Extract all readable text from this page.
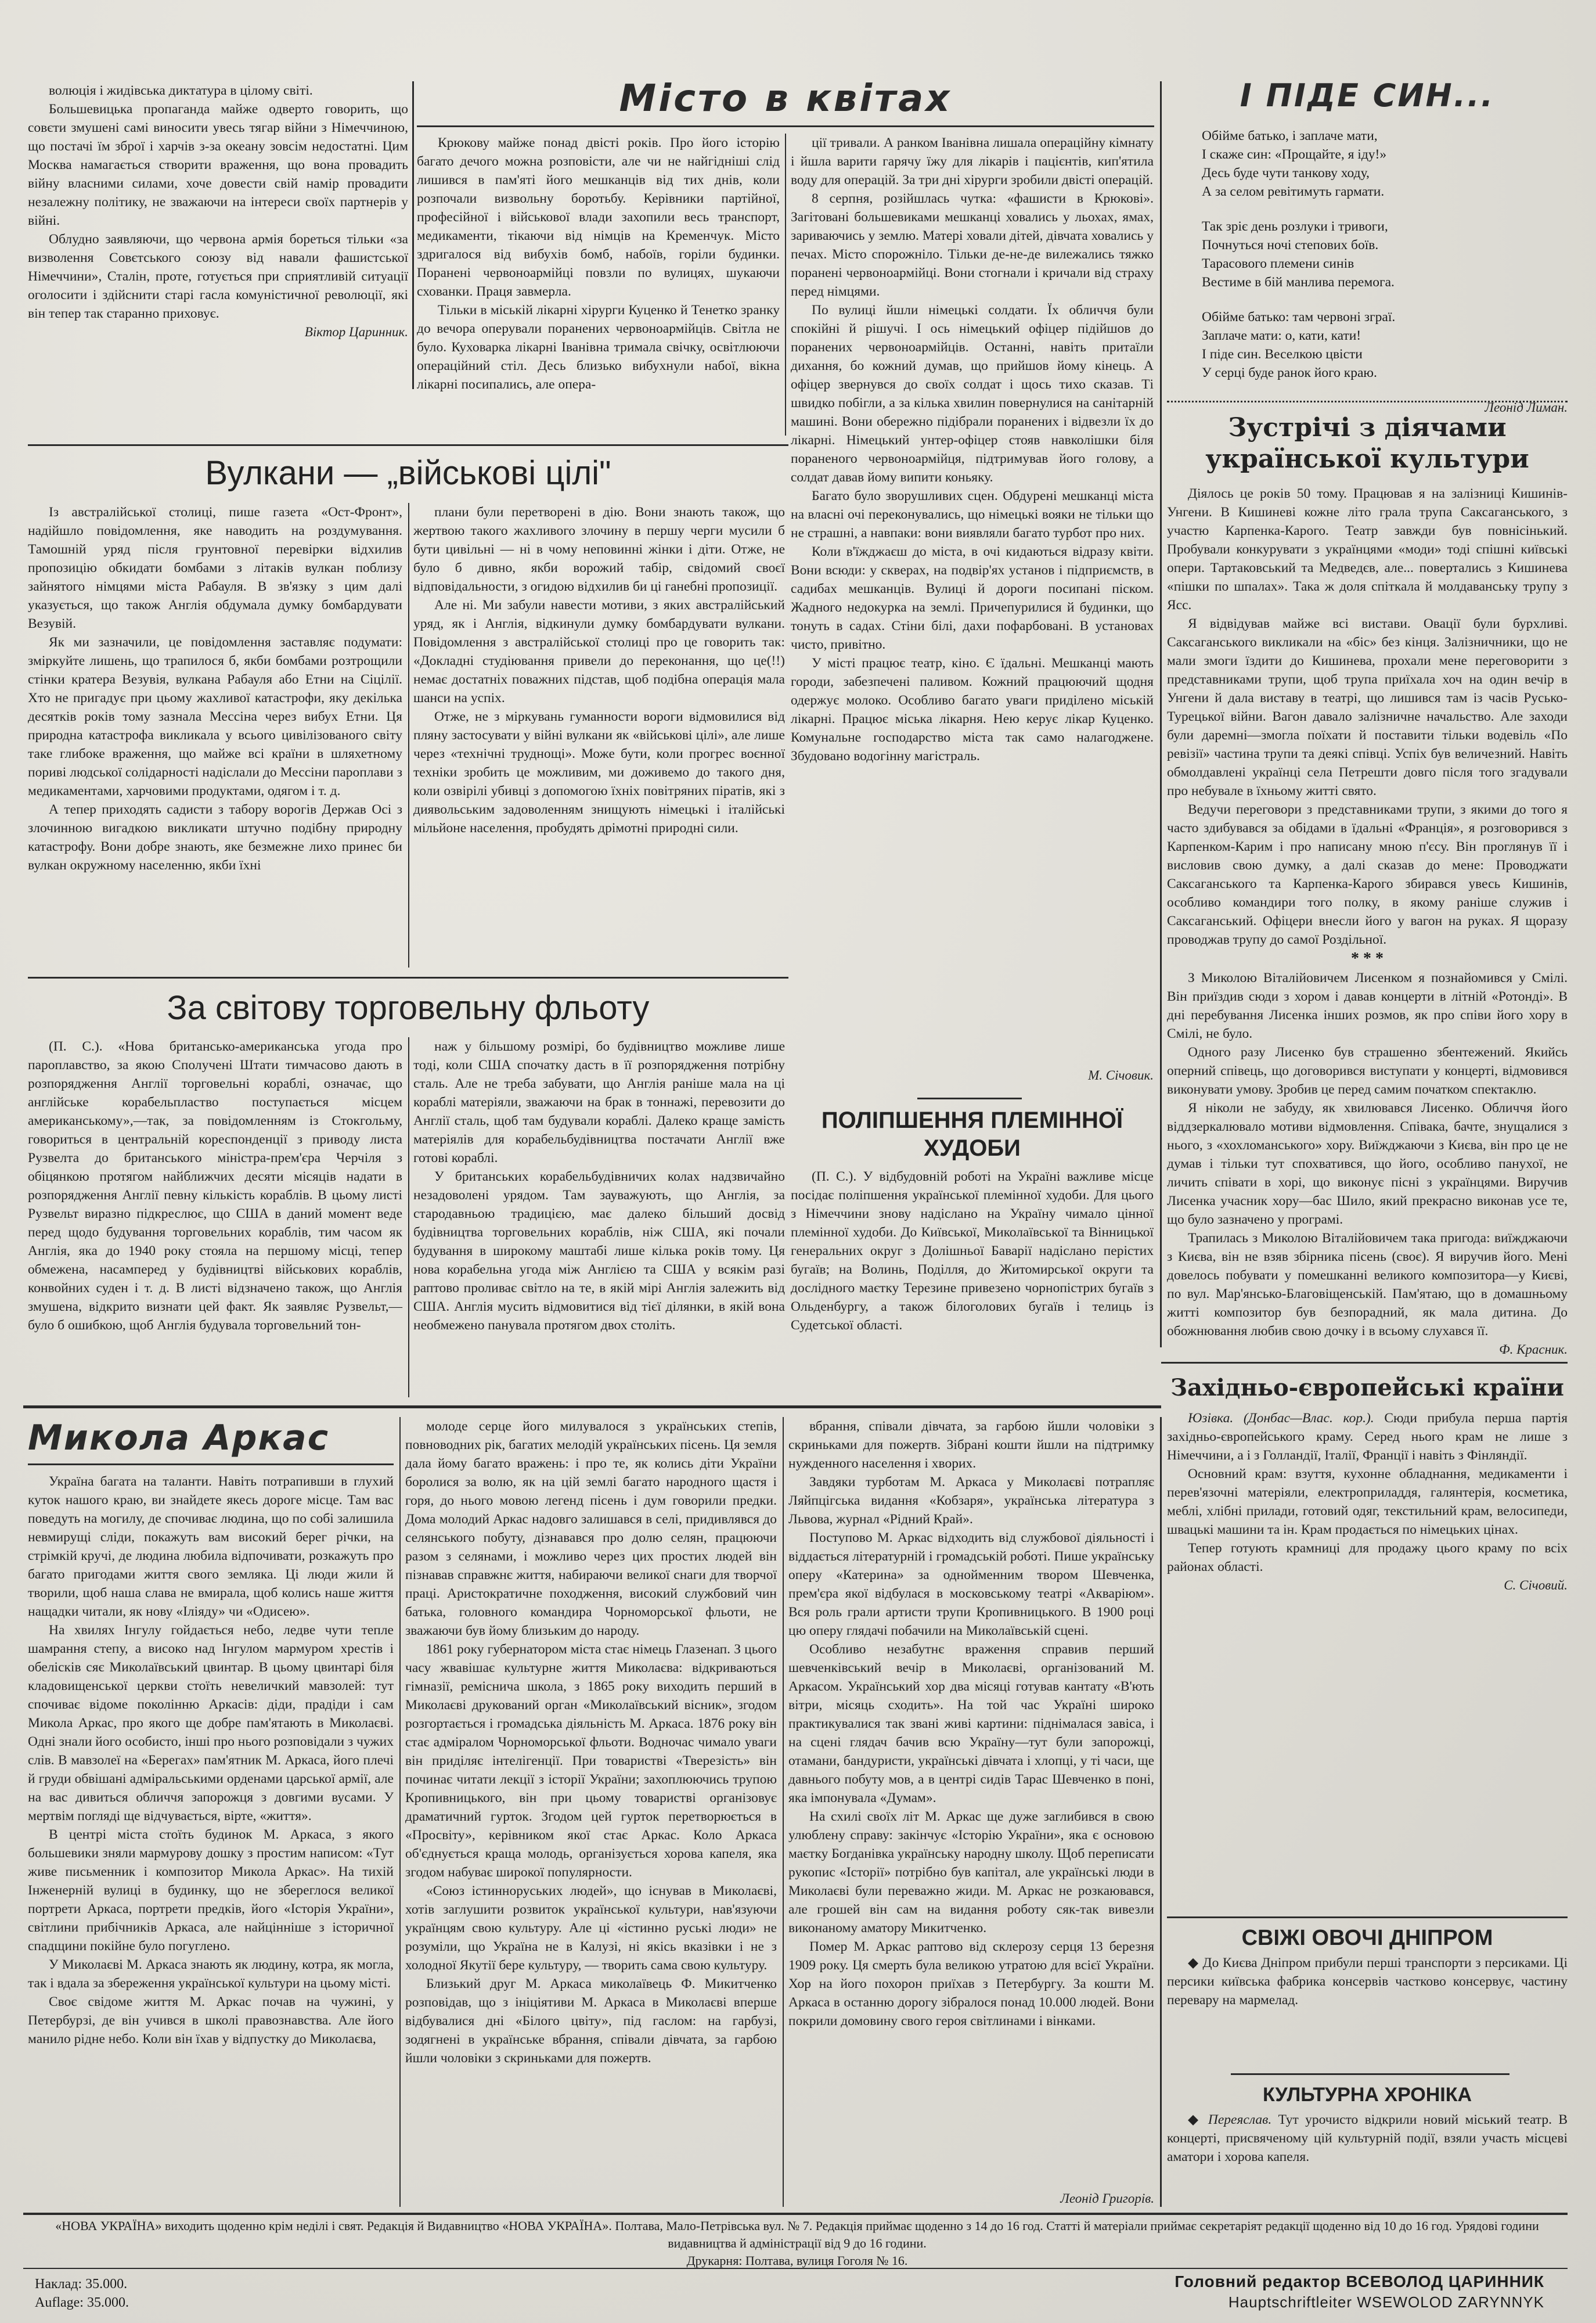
волюція і жидівська диктатура в цілому світі.

Большевицька пропаганда майже одверто говорить, що совєти змушені самі виносити увесь тягар війни з Німеччиною, що постачі їм зброї і харчів з-за океану зовсім недостатні. Цим Москва намагається створити враження, що вона провадить війну власними силами, хоче довести свій намір провадити незалежну політику, не зважаючи на інтереси своїх партнерів у війні.

Облудно заявляючи, що червона армія бореться тільки «за визволення Совєтського союзу від навали фашистської Німеччини», Сталін, проте, готується при сприятливій ситуації оголосити і здійснити старі гасла комуністичної революції, які він тепер так старанно приховує.

Віктор Царинник.
Місто в квітах

Крюкову майже понад двісті років. Про його історію багато дечого можна розповісти, але чи не найгідніші слід лишився в пам'яті його мешканців від тих днів, коли розпочали визвольну боротьбу. Керівники партійної, професійної і військової влади захопили весь транспорт, медикаменти, тікаючи від німців на Кременчук. Місто здригалося від вибухів бомб, набоїв, горіли будинки. Поранені червоноармійці повзли по вулицях, шукаючи схованки. Праця завмерла.

Тільки в міській лікарні хірурги Куценко й Тенетко зранку до вечора оперували поранених червоноармійців. Світла не було. Куховарка лікарні Іванівна тримала свічку, освітлюючи операційний стіл. Десь близько вибухнули набої, вікна лікарні посипались, але опера-

ції тривали. А ранком Іванівна лишала операційну кімнату і йшла варити гарячу їжу для лікарів і пацієнтів, кип'ятила воду для операцій. За три дні хірурги зробили двісті операцій.

8 серпня, розійшлась чутка: «фашисти в Крюкові». Загітовані большевиками мешканці ховались у льохах, ямах, зариваючись у землю. Матері ховали дітей, дівчата ховались у печах. Місто спорожніло. Тільки де-не-де вилежались тяжко поранені червоноармійці. Вони стогнали і кричали від страху перед німцями.

По вулиці йшли німецькі солдати. Їх обличчя були спокійні й рішучі. І ось німецький офіцер підійшов до поранених червоноармійців. Останні, навіть притаїли дихання, бо кожний думав, що прийшов йому кінець. А офіцер звернувся до своїх солдат і щось тихо сказав. Ті швидко побігли, а за кілька хвилин повернулися на санітарній машині. Вони обережно підібрали поранених і відвезли їх до лікарні. Німецький унтер-офіцер стояв навколішки біля пораненого червоноармійця, підтримував його голову, а солдат давав йому випити коньяку.

Багато було зворушливих сцен. Обдурені мешканці міста на власні очі переконувались, що німецькі вояки не тільки що не страшні, а навпаки: вони виявляли багато турбот про них.

Коли в'їжджаєш до міста, в очі кидаються відразу квіти. Вони всюди: у скверах, на подвір'ях установ і підприємств, в садибах мешканців. Вулиці й дороги посипані піском. Жадного недокурка на землі. Причепурилися й будинки, що тонуть в садах. Стіни білі, дахи пофарбовані. В установах чисто, привітно.

У місті працює театр, кіно. Є їдальні. Мешканці мають городи, забезпечені паливом. Кожний працюючий щодня одержує молоко. Особливо багато уваги приділено міській лікарні. Працює міська лікарня. Нею керує лікар Куценко. Комунальне господарство міста так само налагоджене. Збудовано водогінну магістраль.

М. Січовик.
Вулкани — „військові цілі"

Із австралійської столиці, пише газета «Ост-Фронт», надійшло повідомлення, яке наводить на роздумування. Тамошній уряд після грунтовної перевірки відхилив пропозицію обкидати бомбами з літаків вулкан поблизу зайнятого німцями міста Рабауля. В зв'язку з цим далі указується, що також Англія обдумала думку бомбардувати Везувій.

Як ми зазначили, це повідомлення заставляє подумати: зміркуйте лишень, що трапилося б, якби бомбами розтрощили стінки кратера Везувія, вулкана Рабауля або Етни на Сіцілії. Хто не пригадує при цьому жахливої катастрофи, яку декілька десятків років тому зазнала Мессіна через вибух Етни. Ця природна катастрофа викликала у всього цивілізованого світу таке глибоке враження, що майже всі країни в шляхетному пориві людської солідарності надіслали до Мессіни пароплави з медикаментами, харчовими продуктами, одягом і т. д.

А тепер приходять садисти з табору ворогів Держав Осі з злочинною вигадкою викликати штучно подібну природну катастрофу. Вони добре знають, яке безмежне лихо принес би вулкан окружному населенню, якби їхні

плани були перетворені в дію. Вони знають також, що жертвою такого жахливого злочину в першу черги мусили б бути цивільні — ні в чому неповинні жінки і діти. Отже, не було б дивно, якби ворожий табір, свідомий своєї відповідальности, з огидою відхилив би ці ганебні пропозиції.

Але ні. Ми забули навести мотиви, з яких австралійський уряд, як і Англія, відкинули думку бомбардувати вулкани. Повідомлення з австралійської столиці про це говорить так: «Докладні студіювання привели до переконання, що це(!!) немає достатніх поважних підстав, щоб подібна операція мала шанси на успіх.

Отже, не з міркувань гуманности вороги відмовилися від пляну застосувати у війні вулкани як «військові цілі», але лише через «технічні труднощі». Може бути, коли прогрес воєнної техніки зробить це можливим, ми доживемо до такого дня, коли озвірілі убивці з допомогою їхніх повітряних піратів, які з диявольським задоволенням знищують німецькі і італійські мільйоне населення, пробудять дрімотні природні сили.

За світову торговельну фльоту

(П. С.). «Нова британсько-американська угода про пароплавство, за якою Сполучені Штати тимчасово дають в розпорядження Англії торговельні кораблі, означає, що англійське корабельпластво поступається місцем американському»,—так, за повідомленням із Стокгольму, говориться в центральній кореспонденції з приводу листа Рузвелта до британського міністра-прем'єра Черчіля з обіцянкою протягом найближчих десяти місяців надати в розпорядження Англії певну кількість кораблів. В цьому листі Рузвельт виразно підкреслює, що США в даний момент веде перед щодо будування торговельних кораблів, тим часом як Англія, яка до 1940 року стояла на першому місці, тепер обмежена, насамперед у будівництві військових кораблів, конвойних суден і т. д. В листі відзначено також, що Англія змушена, відкрито визнати цей факт. Як заявляє Рузвельт,—було б ошибкою, щоб Англія будувала торговельний тон-

наж у більшому розмірі, бо будівництво можливе лише тоді, коли США спочатку дасть в її розпорядження потрібну сталь. Але не треба забувати, що Англія раніше мала на ці кораблі матеріяли, зважаючи на брак в тоннажі, перевозити до Англії сталь, щоб там будували кораблі. Далеко краще замість матеріялів для корабельбудівництва постачати Англії вже готові кораблі.

У британських корабельбудівничих колах надзвичайно незадоволені урядом. Там зауважують, що Англія, за стародавньою традицією, має далеко більший досвід будівництва торговельних кораблів, ніж США, які почали будування в широкому маштабі лише кілька років тому. Ця нова корабельна угода між Англією та США у всякім разі раптово проливає світло на те, в якій мірі Англія залежить від США. Англія мусить відмовитися від тієї ділянки, в якій вона необмежено панувала протягом двох століть.

ПОЛІПШЕННЯ ПЛЕМІННОЇ
ХУДОБИ

(П. С.). У відбудовній роботі на Україні важливе місце посідає поліпшення української племінної худоби. Для цього з Німеччини знову надіслано на Україну чимало цінної племінної худоби. До Київської, Миколаївської та Вінницької генеральних округ з Долішньої Баварії надіслано перістих бугаїв; на Волинь, Поділля, до Житомирської округи та дослідного маєтку Терезине привезено чорнопістрих бугаїв з Ольденбургу, а також білоголових бугаїв і телиць із Судетської області.

І ПІДЕ СИН...

Обійме батько, і заплаче мати,

І скаже син: «Прощайте, я іду!»

Десь буде чути танкову ходу,

А за селом ревітимуть гармати.

Так зріє день розлуки і тривоги,

Почнуться ночі степових боїв.

Тарасового племени синів

Вестиме в бій манлива перемога.

Обійме батько: там червоні зграї.

Заплаче мати: о, кати, кати!

І піде син. Веселкою цвісти

У серці буде ранок його краю.

Леонід Лиман.
Зустрічі з діячами
української культури

Діялось це років 50 тому. Працював я на залізниці Кишинів-Унгени. В Кишиневі кожне літо грала трупа Саксаганського, з участю Карпенка-Карого. Театр завжди був повнісінький. Пробували конкурувати з українцями «моди» тоді спішні київські опери. Тартаковський та Медведєв, але... повертались з Кишинева «пішки по шпалах». Така ж доля спіткала й молдаванську трупу з Ясс.

Я відвідував майже всі вистави. Овації були бурхливі. Саксаганського викликали на «біс» без кінця. Залізничники, що не мали змоги їздити до Кишинева, прохали мене переговорити з представниками трупи, щоб трупа приїхала хоч на один вечір в Унгени й дала виставу в театрі, що лишився там із часів Русько-Турецької війни. Вагон давало залізничне начальство. Але заходи були даремні—змогла поїхати й поставити тільки водевіль «По ревізії» частина трупи та деякі співці. Успіх був величезний. Навіть обмолдавлені українці села Петрешти довго після того згадували про небувале в їхньому житті свято.

Ведучи переговори з представниками трупи, з якими до того я часто здибувався за обідами в їдальні «Франція», я розговорився з Карпенком-Карим і про написану мною п'єсу. Він проглянув її і висловив свою думку, а далі сказав до мене: Проводжати Саксаганського та Карпенка-Карого збирався увесь Кишинів, особливо командири того полку, в якому раніше служив і Саксаганський. Офіцери внесли його у вагон на руках. Я щоразу проводжав трупу до самої Роздільної.

* * *

З Миколою Віталійовичем Лисенком я познайомився у Смілі. Він приїздив сюди з хором і давав концерти в літній «Ротонді». В дні перебування Лисенка інших розмов, як про співи його хору в Смілі, не було.

Одного разу Лисенко був страшенно збентежений. Якийсь оперний співець, що договорився виступати у концерті, відмовився виконувати умову. Зробив це перед самим початком спектаклю.

Я ніколи не забуду, як хвилювався Лисенко. Обличчя його віддзеркалювало мотиви відмовлення. Співака, бачте, знущалися з нього, з «хохломанського» хору. Виїжджаючи з Києва, він про це не думав і тільки тут спохватився, що його, особливо панухої, не личить співати в хорі, що виконує пісні з українцями. Виручив Лисенка учасник хору—бас Шило, який прекрасно виконав усе те, що було зазначено у програмі.

Трапилась з Миколою Віталійовичем така пригода: виїжджаючи з Києва, він не взяв збірника пісень (своє). Я виручив його. Мені довелось побувати у помешканні великого композитора—у Києві, по вул. Мар'янсько-Благовіщенській. Пам'ятаю, що в домашньому житті композитор був безпорадний, як мала дитина. До обожнювання любив свою дочку і в всьому слухався її.

Ф. Красник.
Микола Аркас

Україна багата на таланти. Навіть потрапивши в глухий куток нашого краю, ви знайдете якесь дороге місце. Там вас поведуть на могилу, де спочиває людина, що по собі залишила невмирущі сліди, покажуть вам високий берег річки, на стрімкій кручі, де людина любила відпочивати, розкажуть про багато пригодами життя свого земляка. Ці люди жили й творили, щоб наша слава не вмирала, щоб колись наше життя нащадки читали, як нову «Іліяду» чи «Одисею».

На хвилях Інгулу гойдається небо, ледве чути тепле шамрання степу, а високо над Інгулом мармуром хрестів і обелісків сяє Миколаївський цвинтар. В цьому цвинтарі біля кладовищенської церкви стоїть невеличкий мавзолей: тут спочиває відоме поколінню Аркасів: діди, прадіди і сам Микола Аркас, про якого ще добре пам'ятають в Миколаєві. Одні знали його особисто, інші про нього розповідали з чужих слів. В мавзолеї на «Берегах» пам'ятник М. Аркаса, його плечі й груди обвішані адміральськими орденами царської армії, але на вас дивиться обличчя запорожця з довгими вусами. У мертвім погляді ще відчувається, вірте, «життя».

В центрі міста стоїть будинок М. Аркаса, з якого большевики зняли мармурову дошку з простим написом: «Тут живе письменник і композитор Микола Аркас». На тихій Інженерній вулиці в будинку, що не збереглося великої портрети Аркаса, портрети предків, його «Історія України», світлини прибічників Аркаса, але найцінніше з історичної спадщини покійне було погуглено.

У Миколаєві М. Аркаса знають як людину, котра, як могла, так і вдала за збереження української культури на цьому місті.

Своє свідоме життя М. Аркас почав на чужині, у Петербурзі, де він учився в школі правознавства. Але його манило рідне небо. Коли він їхав у відпустку до Миколаєва,

молоде серце його милувалося з українських степів, повноводних рік, багатих мелодій українських пісень. Ця земля дала йому багато вражень: і про те, як колись діти України боролися за волю, як на цій землі багато народного щастя і горя, до нього мовою легенд пісень і дум говорили предки. Дома молодий Аркас надовго залишався в селі, придивлявся до селянського побуту, дізнавався про долю селян, працюючи разом з селянами, і можливо через цих простих людей він пізнавав справжнє життя, набираючи великої снаги для творчої праці. Аристократичне походження, високий службовий чин батька, головного командира Чорноморської фльоти, не зважаючи був йому близьким до народу.

1861 року губернатором міста стає німець Глазенап. З цього часу жвавішає культурне життя Миколаєва: відкриваються гімназії, реміснича школа, з 1865 року виходить перший в Миколаєві друкований орган «Миколаївський вісник», згодом розгортається і громадська діяльність М. Аркаса. 1876 року він стає адміралом Чорноморської фльоти. Водночас чимало уваги він приділяє інтелігенції. При товаристві «Тверезість» він починає читати лекції з історії України; захоплюючись трупою Кропивницького, він при цьому товаристві організовує драматичний гурток. Згодом цей гурток перетворюється в «Просвіту», керівником якої стає Аркас. Коло Аркаса об'єднується краща молодь, організується хорова капеля, яка згодом набуває широкої популярности.

«Союз істинноруських людей», що існував в Миколаєві, хотів заглушити розвиток української культури, нав'язуючи українцям свою культуру. Але ці «істинно руські люди» не розуміли, що Україна не в Калузі, ні якісь вказівки і не з холодної Якутії бере культуру, — творить сама свою культуру.

Близький друг М. Аркаса миколаївець Ф. Микитченко розповідав, що з ініціятиви М. Аркаса в Миколаєві вперше відбувалися дні «Білого цвіту», під гаслом: на гарбузі, зодягнені в українське вбрання, співали дівчата, за гарбою йшли чоловіки з скриньками для пожертв.

вбрання, співали дівчата, за гарбою йшли чоловіки з скриньками для пожертв. Зібрані кошти йшли на підтримку нужденного населення і хворих.

Завдяки турботам М. Аркаса у Миколаєві потрапляє Ляйпцігська видання «Кобзаря», українська література з Львова, журнал «Рідний Край».

Поступово М. Аркас відходить від службової діяльності і віддається літературній і громадській роботі. Пише українську оперу «Катерина» за однойменним твором Шевченка, прем'єра якої відбулася в московському театрі «Акваріюм». Вся роль грали артисти трупи Кропивницького. В 1900 році цю оперу глядачі побачили на Миколаївській сцені.

Особливо незабутнє враження справив перший шевченківський вечір в Миколаєві, організований М. Аркасом. Український хор два місяці готував кантату «В'ють вітри, місяць сходить». На той час Україні широко практикувалися так звані живі картини: піднімалася завіса, і на сцені глядач бачив всю Україну—тут були запорожці, отамани, бандуристи, українські дівчата і хлопці, у ті часи, ще давнього побуту мов, а в центрі сидів Тарас Шевченко в поні, яка імпонувала «Думам».

На схилі своїх літ М. Аркас ще дуже заглибився в свою улюблену справу: закінчує «Історію України», яка є основою маєтку Богданівка українську народну школу. Щоб переписати рукопис «Історії» потрібно був капітал, але українські люди в Миколаєві були переважно жиди. М. Аркас не розкаювався, але грошей він сам на видання роботу сяк-так вивезли виконаному аматору Микитченко.

Помер М. Аркас раптово від склерозу серця 13 березня 1909 року. Ця смерть була великою утратою для всієї України. Хор на його похорон приїхав з Петербургу. За кошти М. Аркаса в останню дорогу зібралося понад 10.000 людей. Вони покрили домовину свого героя світлинами і вінками.

Леонід Григорів.
Західньо-європейські країни

Юзівка. (Донбас—Влас. кор.). Сюди прибула перша партія західньо-європейського краму. Серед нього крам не лише з Німеччини, а і з Голландії, Італії, Франції і навіть з Фінляндії.

Основний крам: взуття, кухонне обладнання, медикаменти і перев'язочні матеріяли, електроприладдя, галянтерія, косметика, меблі, хлібні прилади, готовий одяг, текстильний крам, велосипеди, швацькі машини та ін. Крам продається по німецьких цінах.

Тепер готують крамниці для продажу цього краму по всіх районах області.

С. Січовий.
СВІЖІ ОВОЧІ ДНІПРОМ

◆ До Києва Дніпром прибули перші транспорти з персиками. Ці персики київська фабрика консервів частково консервує, частину перевару на мармелад.

КУЛЬТУРНА ХРОНІКА

◆ Переяслав. Тут урочисто відкрили новий міський театр. В концерті, присвяченому цій культурній події, взяли участь місцеві аматори і хорова капеля.

«НОВА УКРАЇНА» виходить щоденно крім неділі і свят. Редакція й Видавництво «НОВА УКРАЇНА». Полтава, Мало-Петрівська вул. № 7. Редакція приймає щоденно з 14 до 16 год. Статті й матеріали приймає секретаріят редакції щоденно від 10 до 16 год. Урядові години видавництва й адміністрації від 9 до 16 години.

Друкарня: Полтава, вулиця Гоголя № 16.

Наклад: 35.000.
Auflage: 35.000.
Головний редактор ВСЕВОЛОД ЦАРИННИК
Hauptschriftleiter WSEWOLOD ZARYNNYK
